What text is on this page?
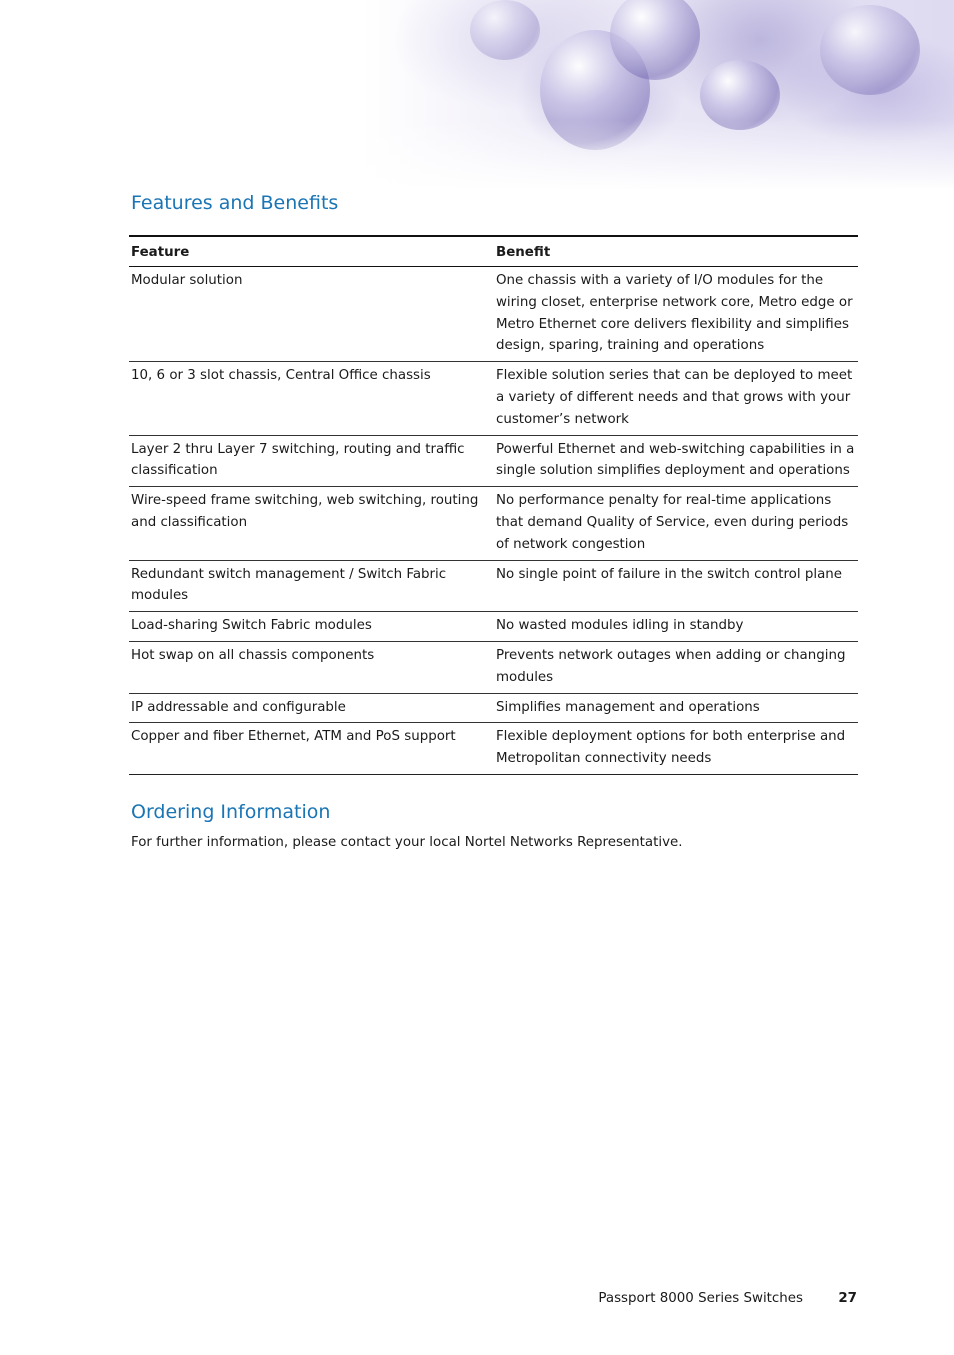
Features and Benefits
Feature	Benefit
Modular solution	One chassis with a variety of I/O modules for the wiring closet, enterprise network core, Metro edge or Metro Ethernet core delivers flexibility and simplifies design, sparing, training and operations
10, 6 or 3 slot chassis, Central Office chassis	Flexible solution series that can be deployed to meet a variety of different needs and that grows with your customer’s network
Layer 2 thru Layer 7 switching, routing and traffic classification	Powerful Ethernet and web-switching capabilities in a single solution simplifies deployment and operations
Wire-speed frame switching, web switching, routing and classification	No performance penalty for real-time applications that demand Quality of Service, even during periods of network congestion
Redundant switch management / Switch Fabric modules	No single point of failure in the switch control plane
Load-sharing Switch Fabric modules	No wasted modules idling in standby
Hot swap on all chassis components	Prevents network outages when adding or changing modules
IP addressable and configurable	Simplifies management and operations
Copper and fiber Ethernet, ATM and PoS support	Flexible deployment options for both enterprise and Metropolitan connectivity needs
Ordering Information

For further information, please contact your local Nortel Networks Representative.

Passport 8000 Series Switches	27
